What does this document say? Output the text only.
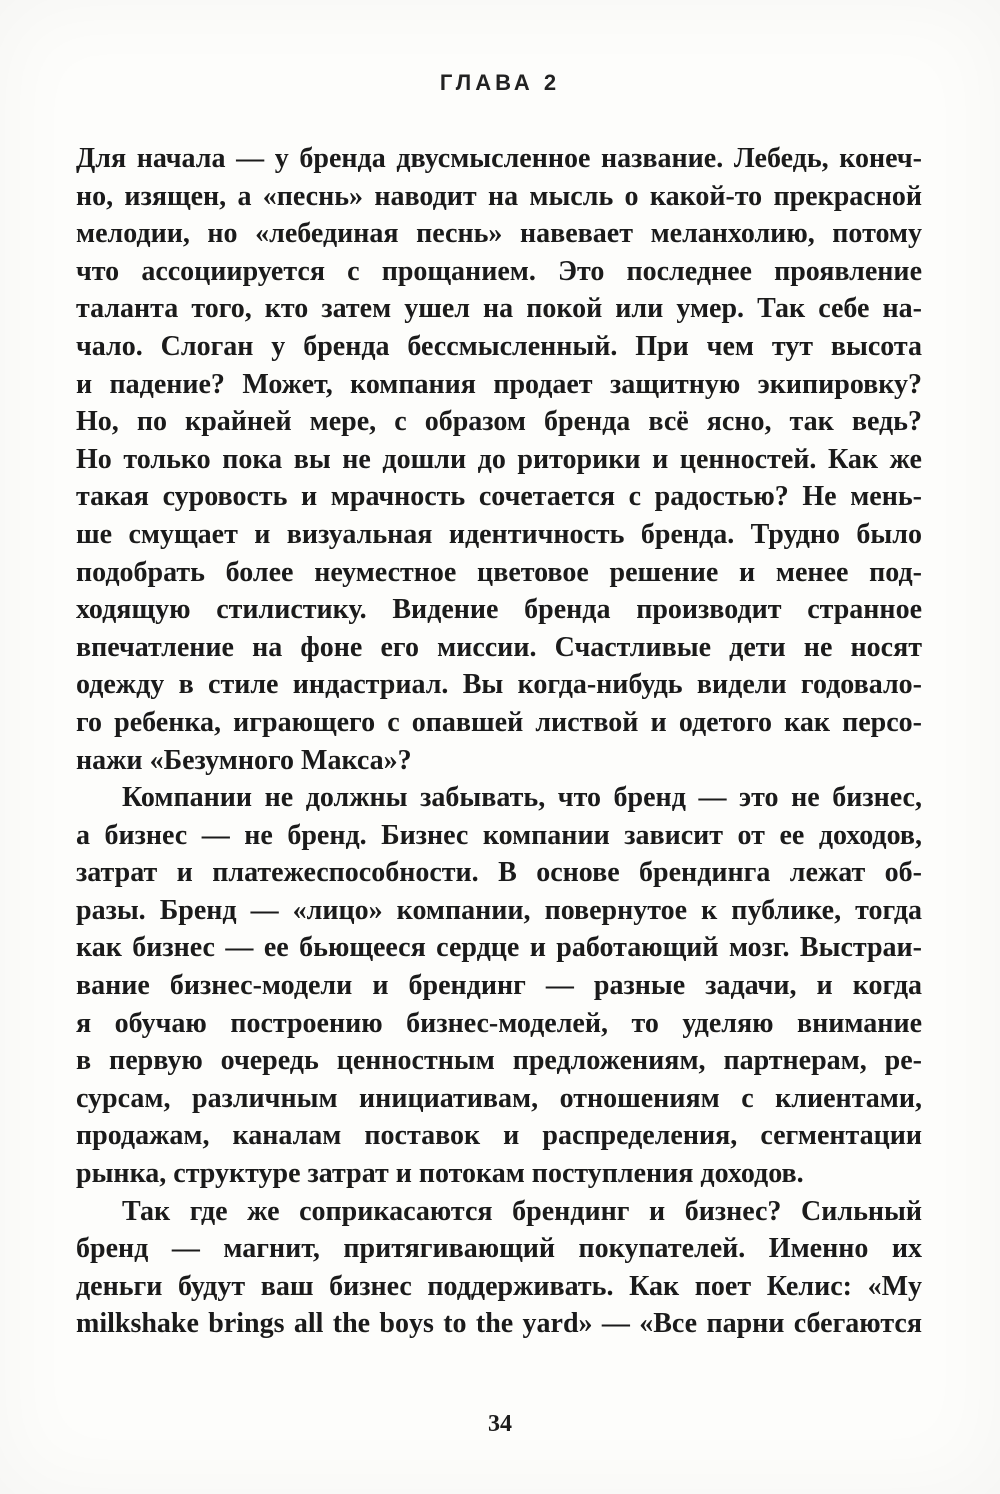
ГЛАВА 2
Для начала — у бренда двусмысленное название. Лебедь, конеч-
но, изящен, а «песнь» наводит на мысль о какой-то прекрасной
мелодии, но «лебединая песнь» навевает меланхолию, потому
что ассоциируется с прощанием. Это последнее проявление
таланта того, кто затем ушел на покой или умер. Так себе на-
чало. Слоган у бренда бессмысленный. При чем тут высота
и падение? Может, компания продает защитную экипировку?
Но, по крайней мере, с образом бренда всё ясно, так ведь?
Но только пока вы не дошли до риторики и ценностей. Как же
такая суровость и мрачность сочетается с радостью? Не мень-
ше смущает и визуальная идентичность бренда. Трудно было
подобрать более неуместное цветовое решение и менее под-
ходящую стилистику. Видение бренда производит странное
впечатление на фоне его миссии. Счастливые дети не носят
одежду в стиле индастриал. Вы когда-нибудь видели годовало-
го ребенка, играющего с опавшей листвой и одетого как персо-
нажи «Безумного Макса»?
Компании не должны забывать, что бренд — это не бизнес,
а бизнес — не бренд. Бизнес компании зависит от ее доходов,
затрат и платежеспособности. В основе брендинга лежат об-
разы. Бренд — «лицо» компании, повернутое к публике, тогда
как бизнес — ее бьющееся сердце и работающий мозг. Выстраи-
вание бизнес-модели и брендинг — разные задачи, и когда
я обучаю построению бизнес-моделей, то уделяю внимание
в первую очередь ценностным предложениям, партнерам, ре-
сурсам, различным инициативам, отношениям с клиентами,
продажам, каналам поставок и распределения, сегментации
рынка, структуре затрат и потокам поступления доходов.
Так где же соприкасаются брендинг и бизнес? Сильный
бренд — магнит, притягивающий покупателей. Именно их
деньги будут ваш бизнес поддерживать. Как поет Келис: «My
milkshake brings all the boys to the yard» — «Все парни сбегаются
34
